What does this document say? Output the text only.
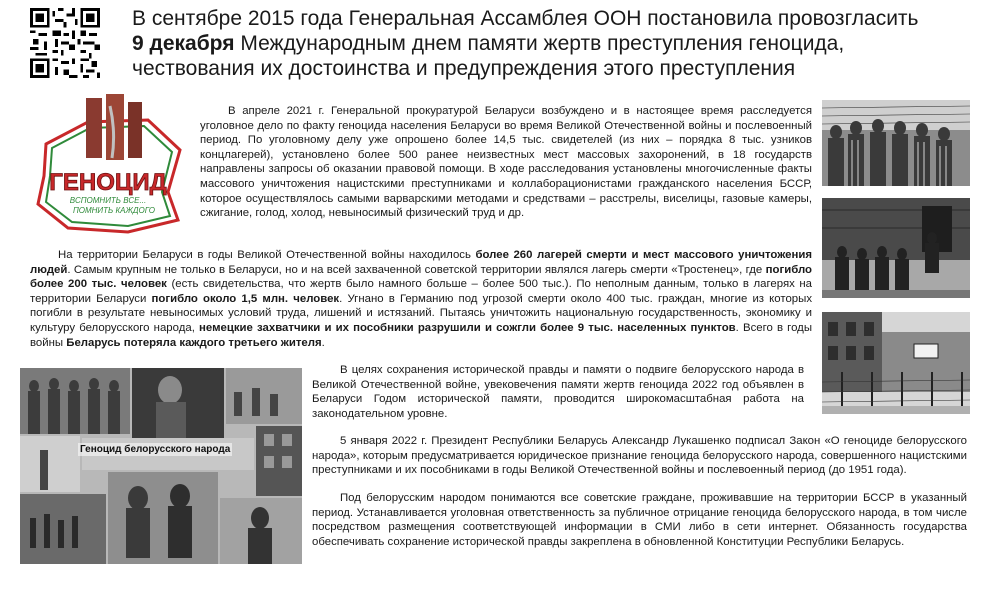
В сентябре 2015 года Генеральная Ассамблея ООН постановила провозгласить
9 декабря Международным днем памяти жертв преступления геноцида,
чествования их достоинства и предупреждения этого преступления
ГЕНОЦИД
ВСПОМНИТЬ ВСЕ...
ПОМНИТЬ КАЖДОГО
В апреле 2021 г. Генеральной прокуратурой Беларуси возбуждено и в настоящее время расследуется уголовное дело по факту геноцида населения Беларуси во время Великой Отечественной войны и послевоенный период. По уголовному делу уже опрошено более 14,5 тыс. свидетелей (из них – порядка 8 тыс. узников концлагерей), установлено более 500 ранее неизвестных мест массовых захоронений, в 18 государств направлены запросы об оказании правовой помощи. В ходе расследования установлены многочисленные факты массового уничтожения нацистскими преступниками и коллаборационистами гражданского населения БССР, которое осуществлялось самыми варварскими методами и средствами – расстрелы, виселицы, газовые камеры, сжигание, голод, холод, невыносимый физический труд и др.
На территории Беларуси в годы Великой Отечественной войны находилось более 260 лагерей смерти и мест массового уничтожения людей. Самым крупным не только в Беларуси, но и на всей захваченной советской территории являлся лагерь смерти «Тростенец», где погибло более 200 тыс. человек (есть свидетельства, что жертв было намного больше – более 500 тыс.). По неполным данным, только в лагерях на территории Беларуси погибло около 1,5 млн. человек. Угнано в Германию под угрозой смерти около 400 тыс. граждан, многие из которых погибли в результате невыносимых условий труда, лишений и истязаний. Пытаясь уничтожить национальную государственность, экономику и культуру белорусского народа, немецкие захватчики и их пособники разрушили и сожгли более 9 тыс. населенных пунктов. Всего в годы войны Беларусь потеряла каждого третьего жителя.
В целях сохранения исторической правды и памяти о подвиге белорусского народа в Великой Отечественной войне, увековечения памяти жертв геноцида 2022 год объявлен в Беларуси Годом исторической памяти, проводится широкомасштабная работа на законодательном уровне.
5 января 2022 г. Президент Республики Беларусь Александр Лукашенко подписал Закон «О геноциде белорусского народа», которым предусматривается юридическое признание геноцида белорусского народа, совершенного нацистскими преступниками и их пособниками в годы Великой Отечественной войны и послевоенный период (до 1951 года).
Под белорусским народом понимаются все советские граждане, проживавшие на территории БССР в указанный период. Устанавливается уголовная ответственность за публичное отрицание геноцида белорусского народа, в том числе посредством размещения соответствующей информации в СМИ либо в сети интернет. Обязанность государства обеспечивать сохранение исторической правды закреплена в обновленной Конституции Республики Беларусь.
Геноцид белорусского народа
